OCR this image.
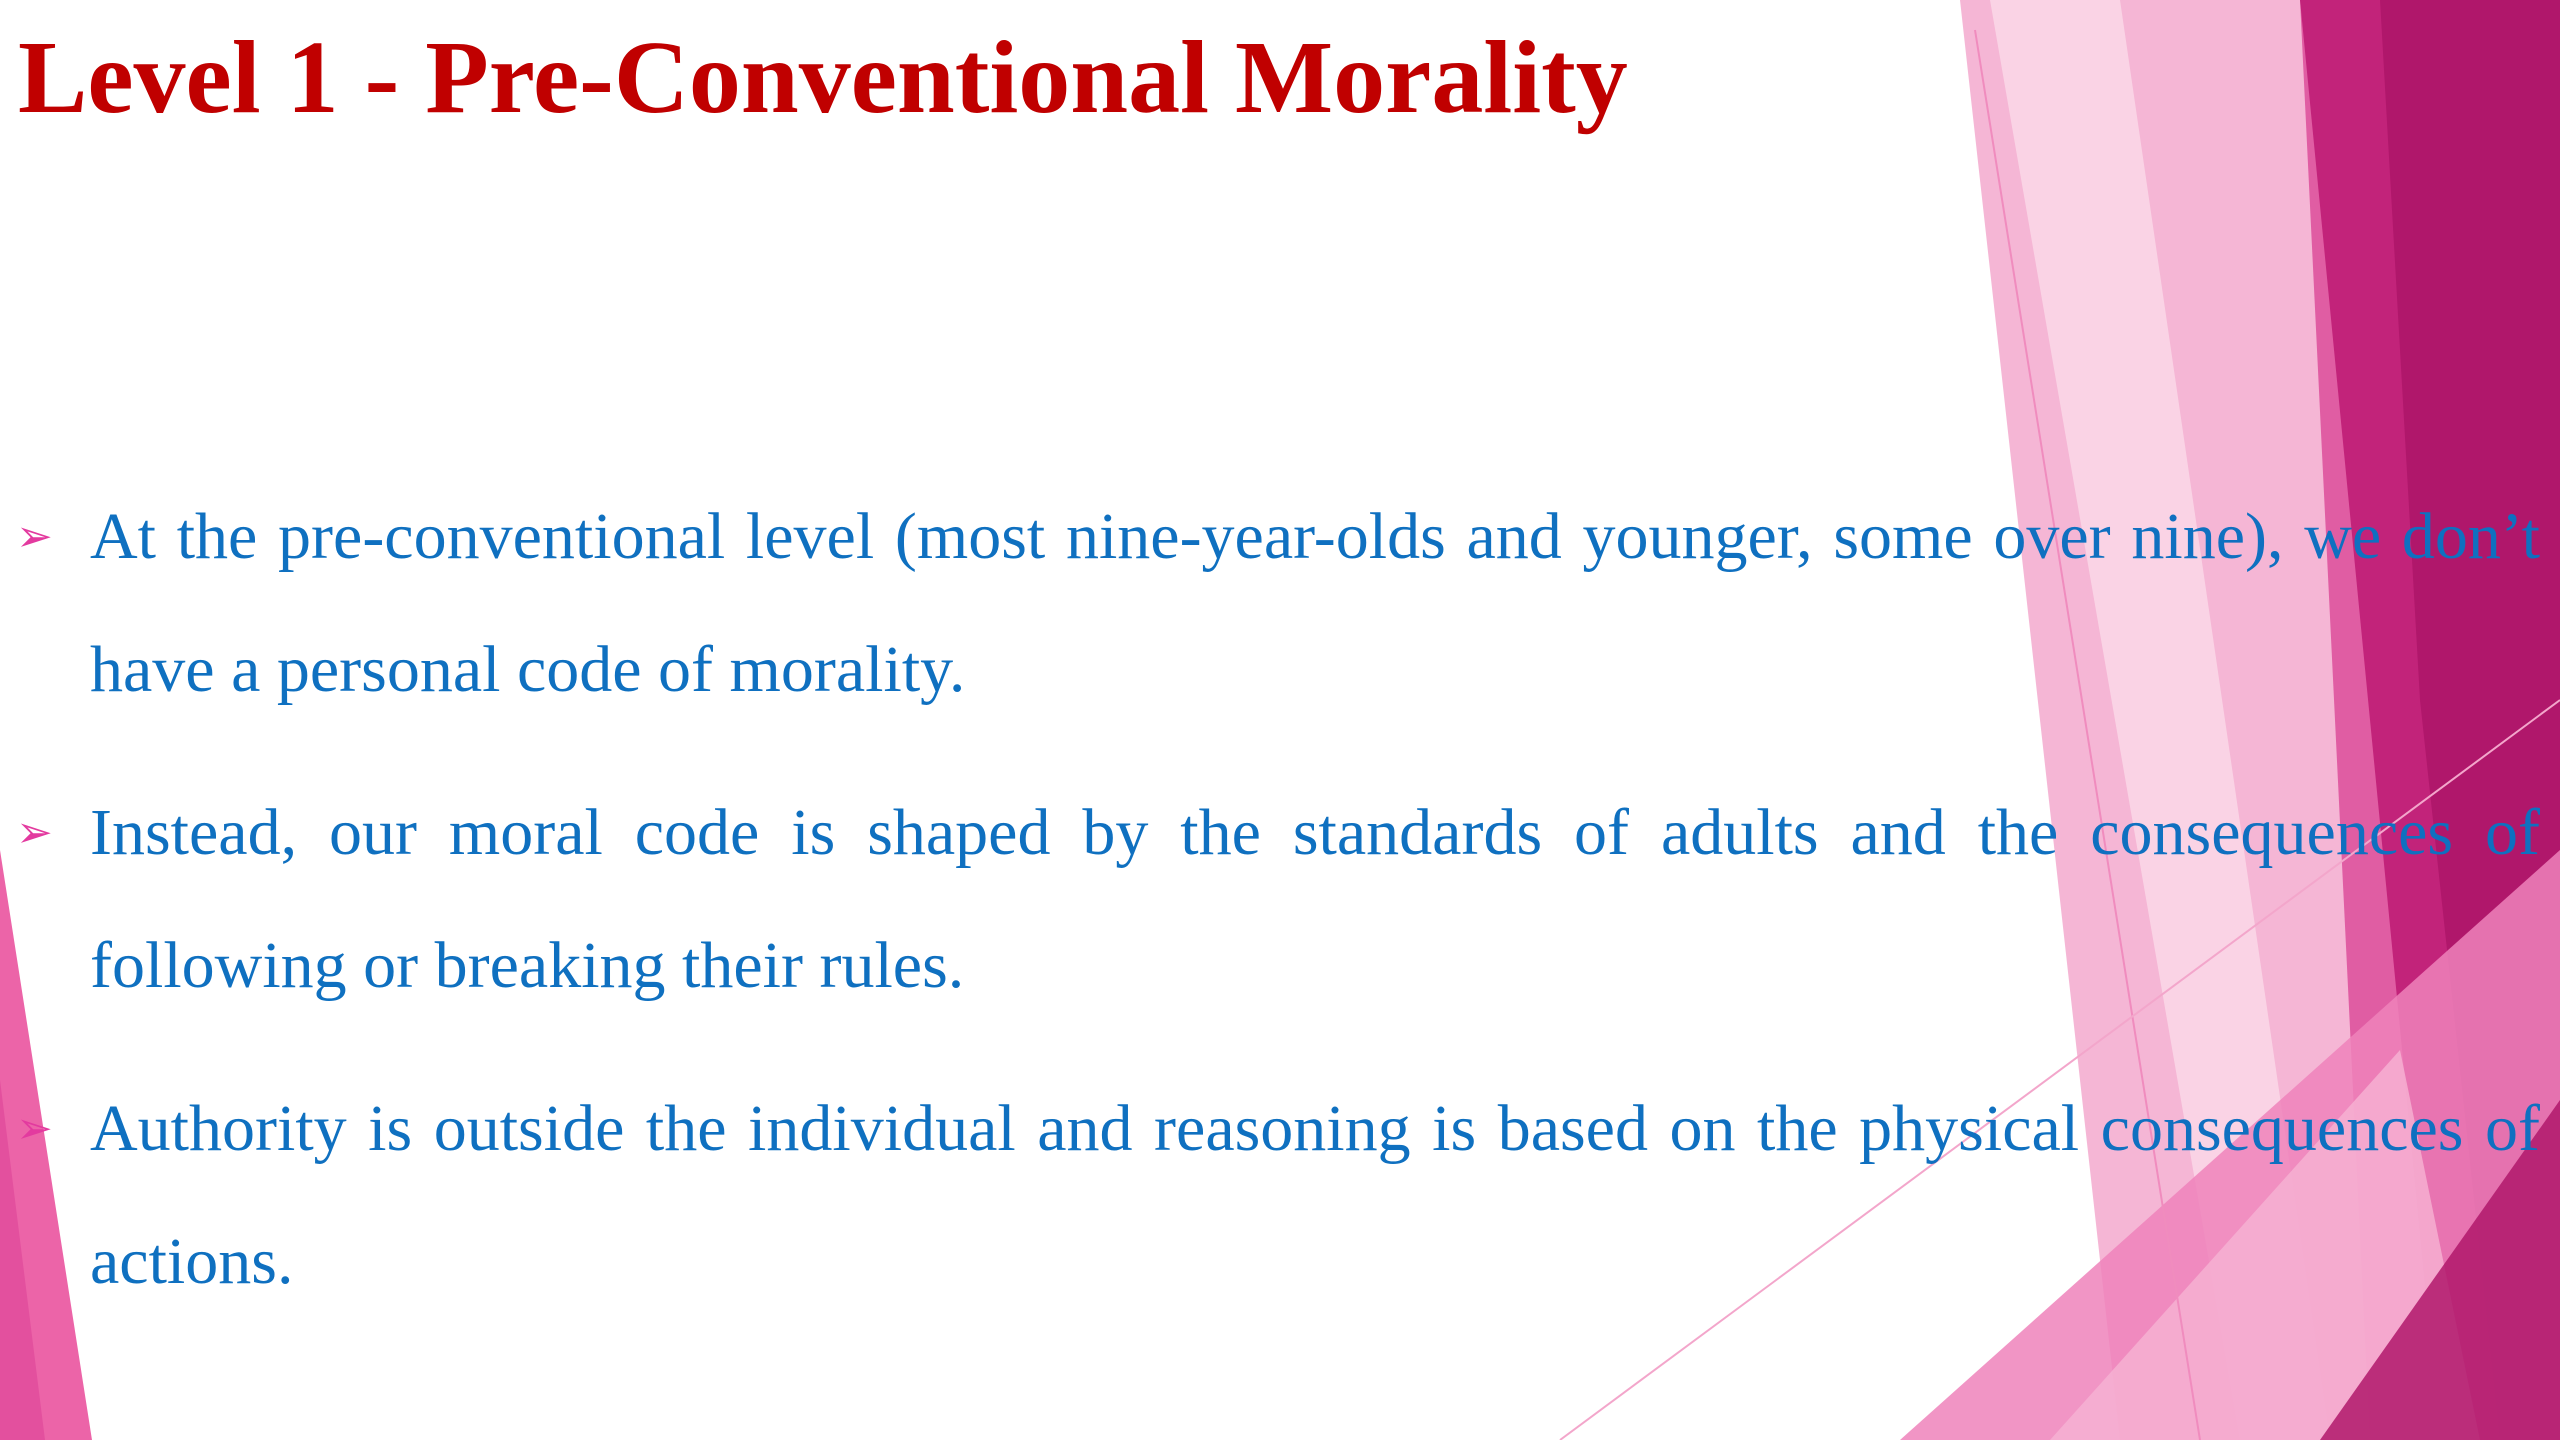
Level 1 - Pre-Conventional Morality
➢ At the pre-conventional level (most nine-year-olds and younger, some over nine), we don’t have a personal code of morality.
➢ Instead, our moral code is shaped by the standards of adults and the consequences of following or breaking their rules.
➢ Authority is outside the individual and reasoning is based on the physical consequences of actions.
